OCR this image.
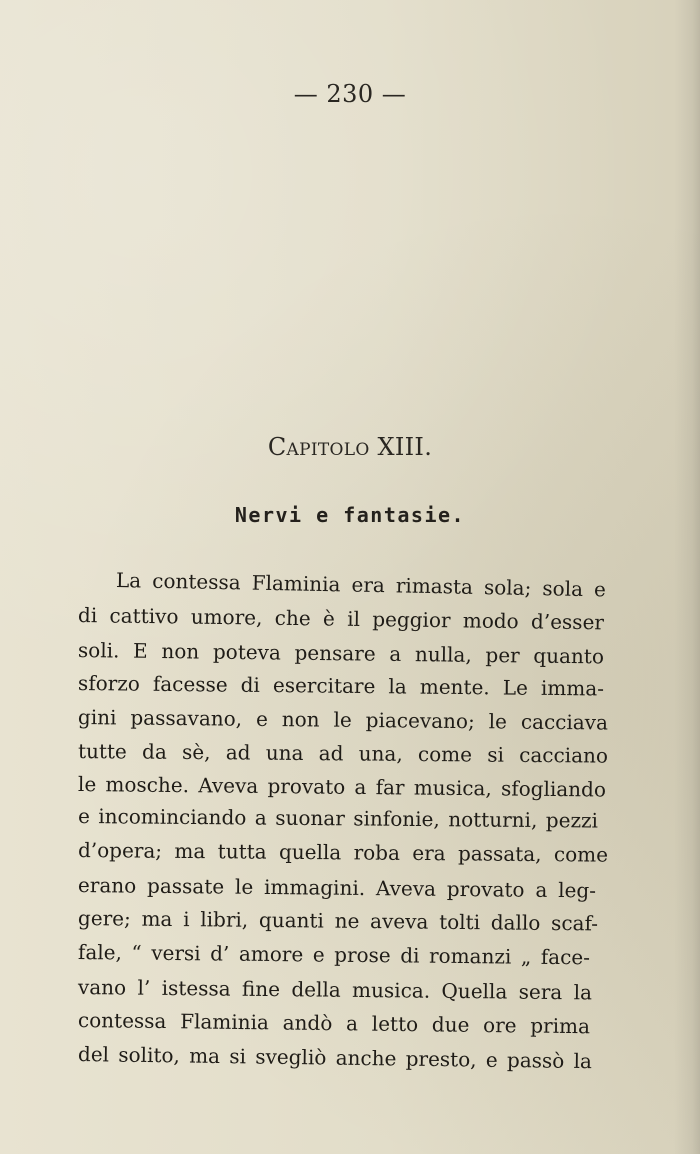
— 230 —
Capitolo XIII.
Nervi e fantasie.
La contessa Flaminia era rimasta sola; sola e
di cattivo umore, che è il peggior modo d’esser
soli. E non poteva pensare a nulla, per quanto
sforzo facesse di esercitare la mente. Le imma-
gini passavano, e non le piacevano; le cacciava
tutte da sè, ad una ad una, come si cacciano
le mosche. Aveva provato a far musica, sfogliando
e incominciando a suonar sinfonie, notturni, pezzi
d’opera; ma tutta quella roba era passata, come
erano passate le immagini. Aveva provato a leg-
gere; ma i libri, quanti ne aveva tolti dallo scaf-
fale, “ versi d’ amore e prose di romanzi „ face-
vano l’ istessa fine della musica. Quella sera la
contessa Flaminia andò a letto due ore prima
del solito, ma si svegliò anche presto, e passò la
